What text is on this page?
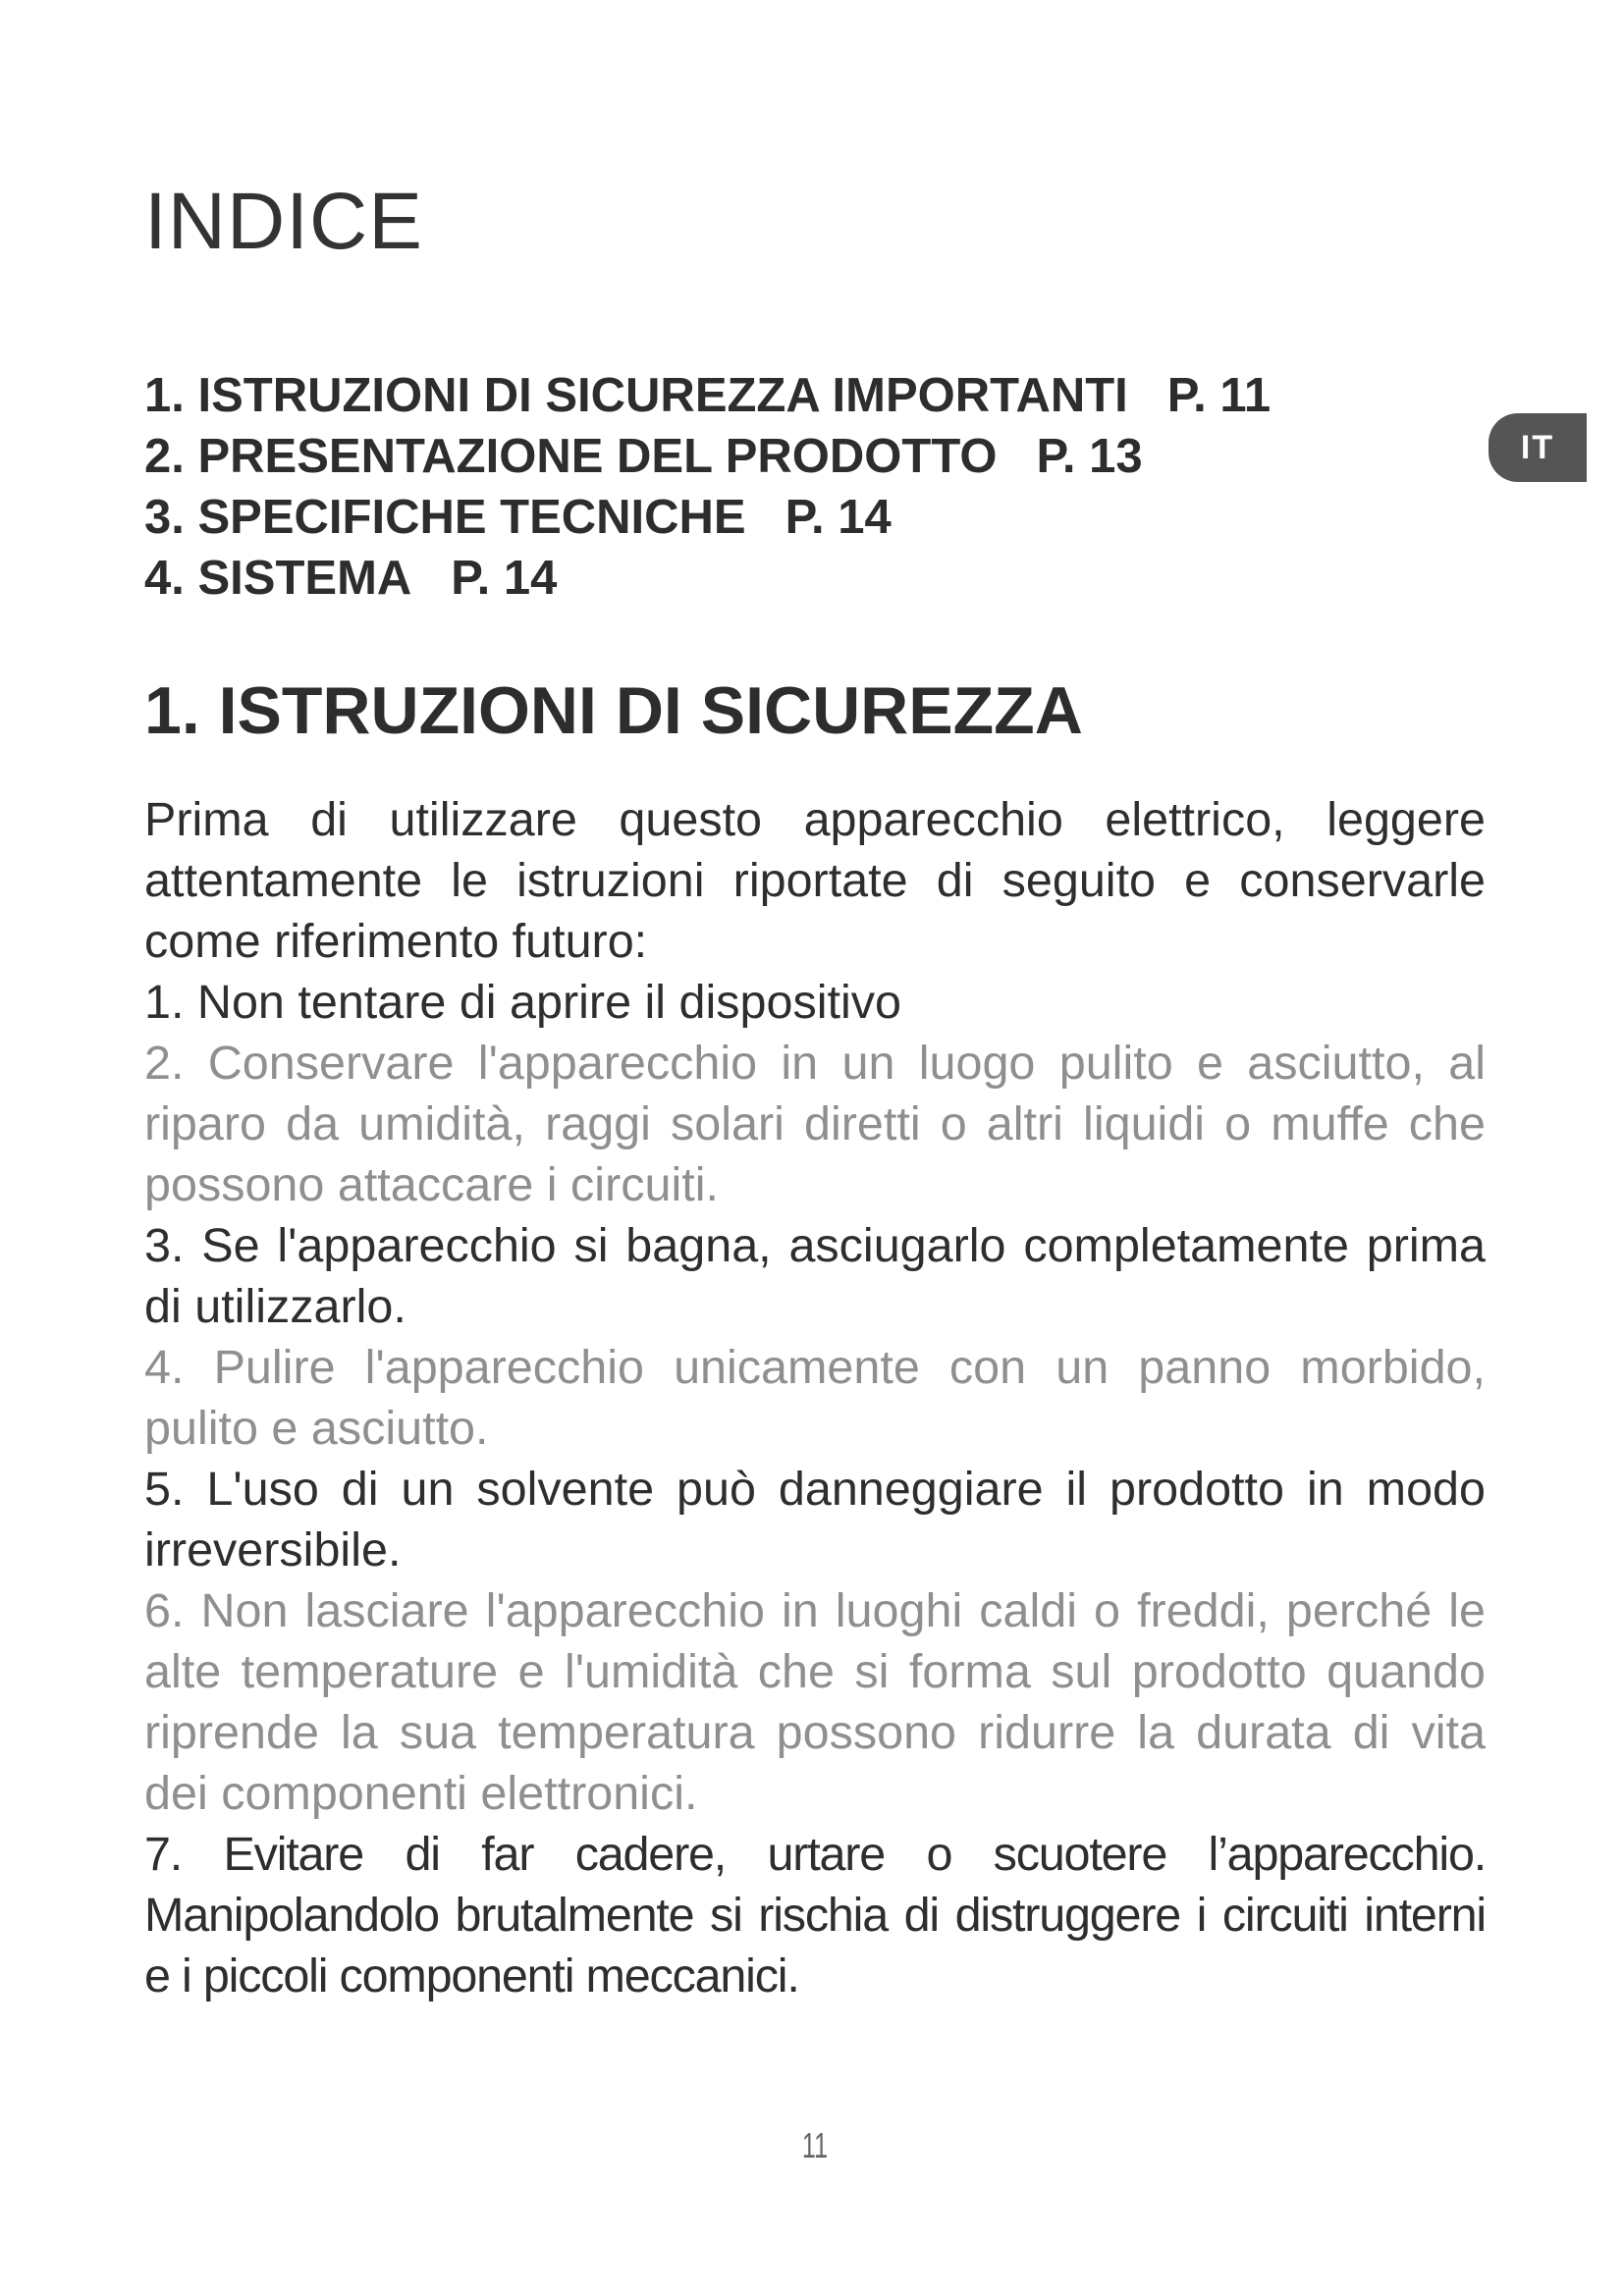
INDICE
1. ISTRUZIONI DI SICUREZZA IMPORTANTI P. 11
2. PRESENTAZIONE DEL PRODOTTO P. 13
3. SPECIFICHE TECNICHE P. 14
4. SISTEMA P. 14
1. ISTRUZIONI DI SICUREZZA

Prima di utilizzare questo apparecchio elettrico, leggere attentamente le istruzioni riportate di seguito e conservarle come riferimento futuro:

1. Non tentare di aprire il dispositivo

2. Conservare l'apparecchio in un luogo pulito e asciutto, al riparo da umidità, raggi solari diretti o altri liquidi o muffe che possono attaccare i circuiti.

3. Se l'apparecchio si bagna, asciugarlo completamente prima di utilizzarlo.

4. Pulire l'apparecchio unicamente con un panno morbido, pulito e asciutto.

5. L'uso di un solvente può danneggiare il prodotto in modo irreversibile.

6. Non lasciare l'apparecchio in luoghi caldi o freddi, perché le alte temperature e l'umidità che si forma sul prodotto quando riprende la sua temperatura possono ridurre la durata di vita dei componenti elettronici.

7. Evitare di far cadere, urtare o scuotere l’apparecchio. Manipolandolo brutalmente si rischia di distruggere i circuiti interni e i piccoli componenti meccanici.

11
IT
